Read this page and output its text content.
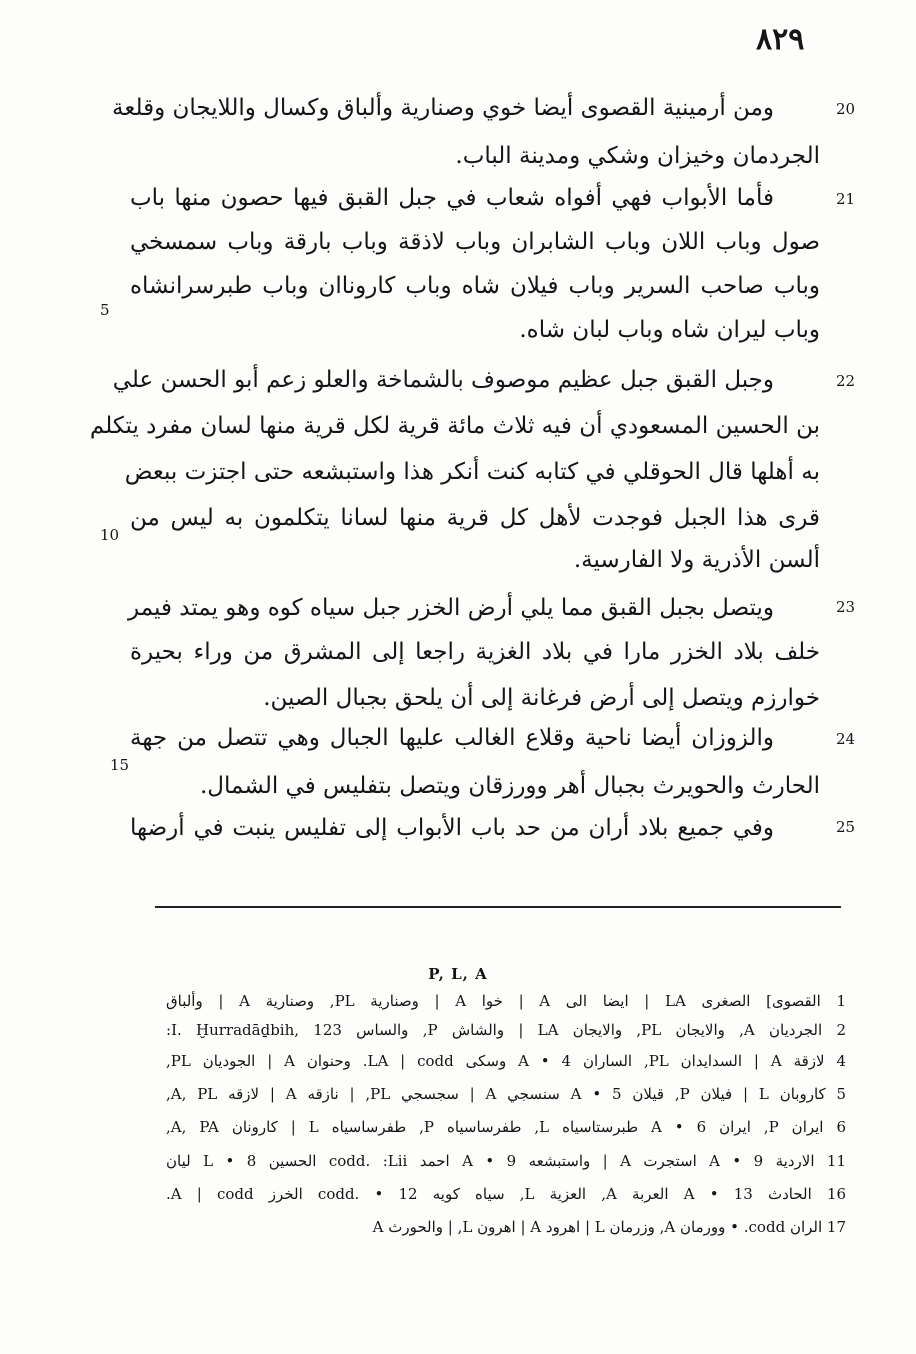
٨٢٩
20
ومن أرمينية القصوى أيضا خوي وصنارية وألباق وكسال واللايجان وقلعة
الجردمان وخيزان وشكي ومدينة الباب.
21
فأما الأبواب فهي أفواه شعاب في جبل القبق فيها حصون منها باب
صول وباب اللان وباب الشابران وباب لاذقة وباب بارقة وباب سمسخي
وباب صاحب السرير وباب فيلان شاه وباب كاروناان وباب طبرسرانشاه
وباب ليران شاه وباب لبان شاه.
5
22
وجبل القبق جبل عظيم موصوف بالشماخة والعلو زعم أبو الحسن علي
بن الحسين المسعودي أن فيه ثلاث مائة قرية لكل قرية منها لسان مفرد يتكلم
به أهلها قال الحوقلي في كتابه كنت أنكر هذا واستبشعه حتى اجتزت ببعض
قرى هذا الجبل فوجدت لأهل كل قرية منها لسانا يتكلمون به ليس من
ألسن الأذرية ولا الفارسية.
10
23
ويتصل بجبل القبق مما يلي أرض الخزر جبل سياه كوه وهو يمتد فيمر
خلف بلاد الخزر مارا في بلاد الغزية راجعا إلى المشرق من وراء بحيرة
خوارزم ويتصل إلى أرض فرغانة إلى أن يلحق بجبال الصين.
24
والزوزان أيضا ناحية وقلاع الغالب عليها الجبال وهي تتصل من جهة
الحارث والحويرث بجبال أهر وورزقان ويتصل بتفليس في الشمال.
15
25
وفي جميع بلاد أران من حد باب الأبواب إلى تفليس ينبت في أرضها
P, L, A
1 القصوى] الصغرى LA | ايضا الى A | خوا A | وصنارية PL, وصنارية A | وألباق
2 الجرديان A, والايجان PL, والايجان LA | والشاش P, والساس I. Ḫurradāḏbih, 123:
4 لازقة A | السدايدان PL, الساران A • 4 وسكى LA | codd. وحنوان A | الجوديان PL,
5 كاروبان L | فيلان P, قيلان A • 5 سنسجي A | سجسجي PL, | نازقه A | لازقه A, PL,
6 ايران P, ايران A • 6 طبرستاسياه L, طفرساسياه P, طفرساسياه L | كارونان A, PA,
11 الاردية A • 9 استجرت A | واستبشعه A • 9 احمد codd. :Lii الحسين L • 8 ليان
16 الحادث A • 13 العربة A, العزية L, سياه كويه codd. • 12 الخرز A | codd.
17 الران codd. • وورمان A, وزرمان L | اهرود A | اهرون L, | والحورث A
